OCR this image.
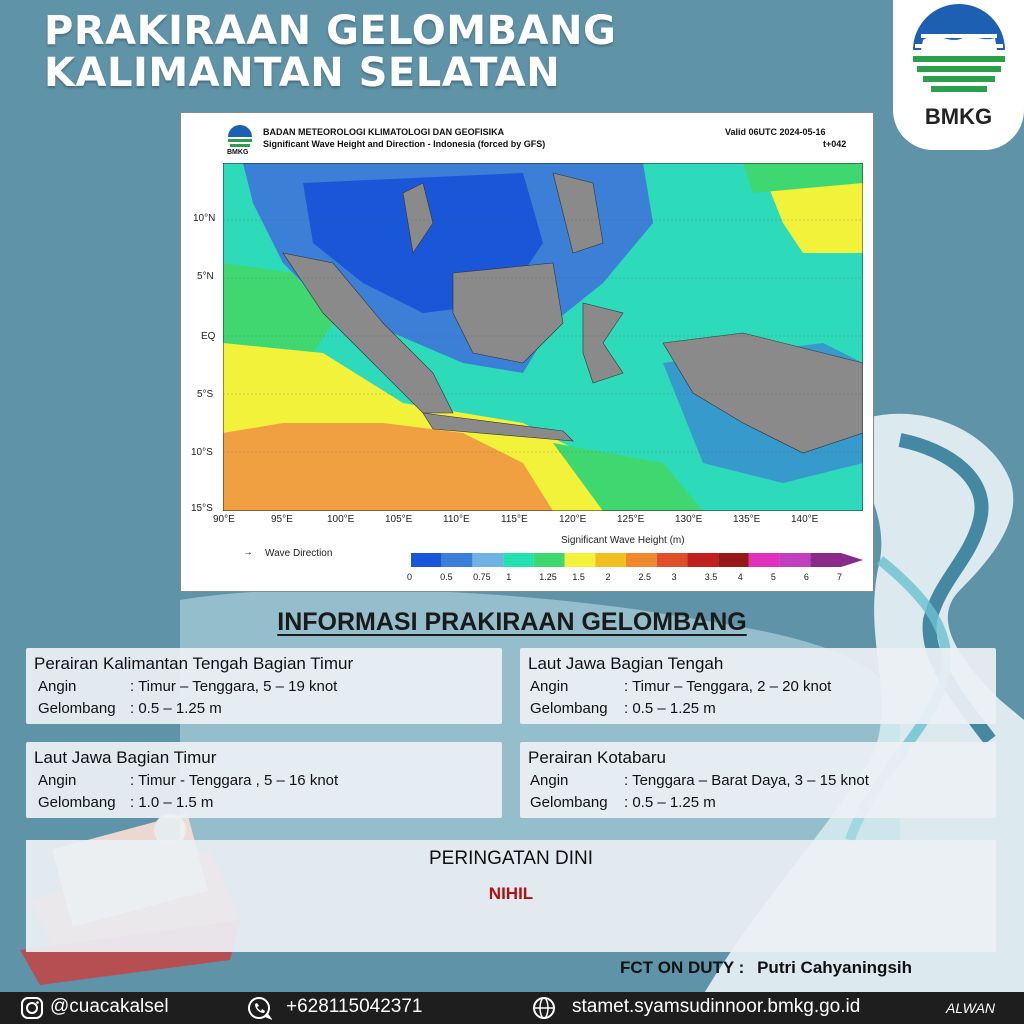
PRAKIRAAN GELOMBANG
KALIMANTAN SELATAN
BMKG
BMKG
BADAN METEOROLOGI KLIMATOLOGI DAN GEOFISIKA
Significant Wave Height and Direction - Indonesia (forced by GFS)
Valid 06UTC 2024-05-16
t+042
10°N
5°N
EQ
5°S
10°S
15°S
90°E	95°E	100°E	105°E	110°E	115°E	120°E	125°E	130°E	135°E	140°E
→ Wave Direction
Significant Wave Height (m)
0	0.5 0.75 1	1.25 1.5 2	2.5 3	3.5 4	5	6	7
INFORMASI PRAKIRAAN GELOMBANG
Perairan Kalimantan Tengah Bagian Timur
Angin	: Timur – Tenggara, 5 – 19 knot
Gelombang : 0.5 – 1.25 m
Laut Jawa Bagian Tengah
Angin	: Timur – Tenggara, 2 – 20 knot
Gelombang : 0.5 – 1.25 m
Laut Jawa Bagian Timur
Angin	: Timur - Tenggara , 5 – 16 knot
Gelombang : 1.0 – 1.5 m
Perairan Kotabaru
Angin	: Tenggara – Barat Daya, 3 – 15 knot
Gelombang : 0.5 – 1.25 m
PERINGATAN DINI
NIHIL
FCT ON DUTY : Putri Cahyaningsih
@cuacakalsel	+628115042371	stamet.syamsudinnoor.bmkg.go.id	ALWAN
